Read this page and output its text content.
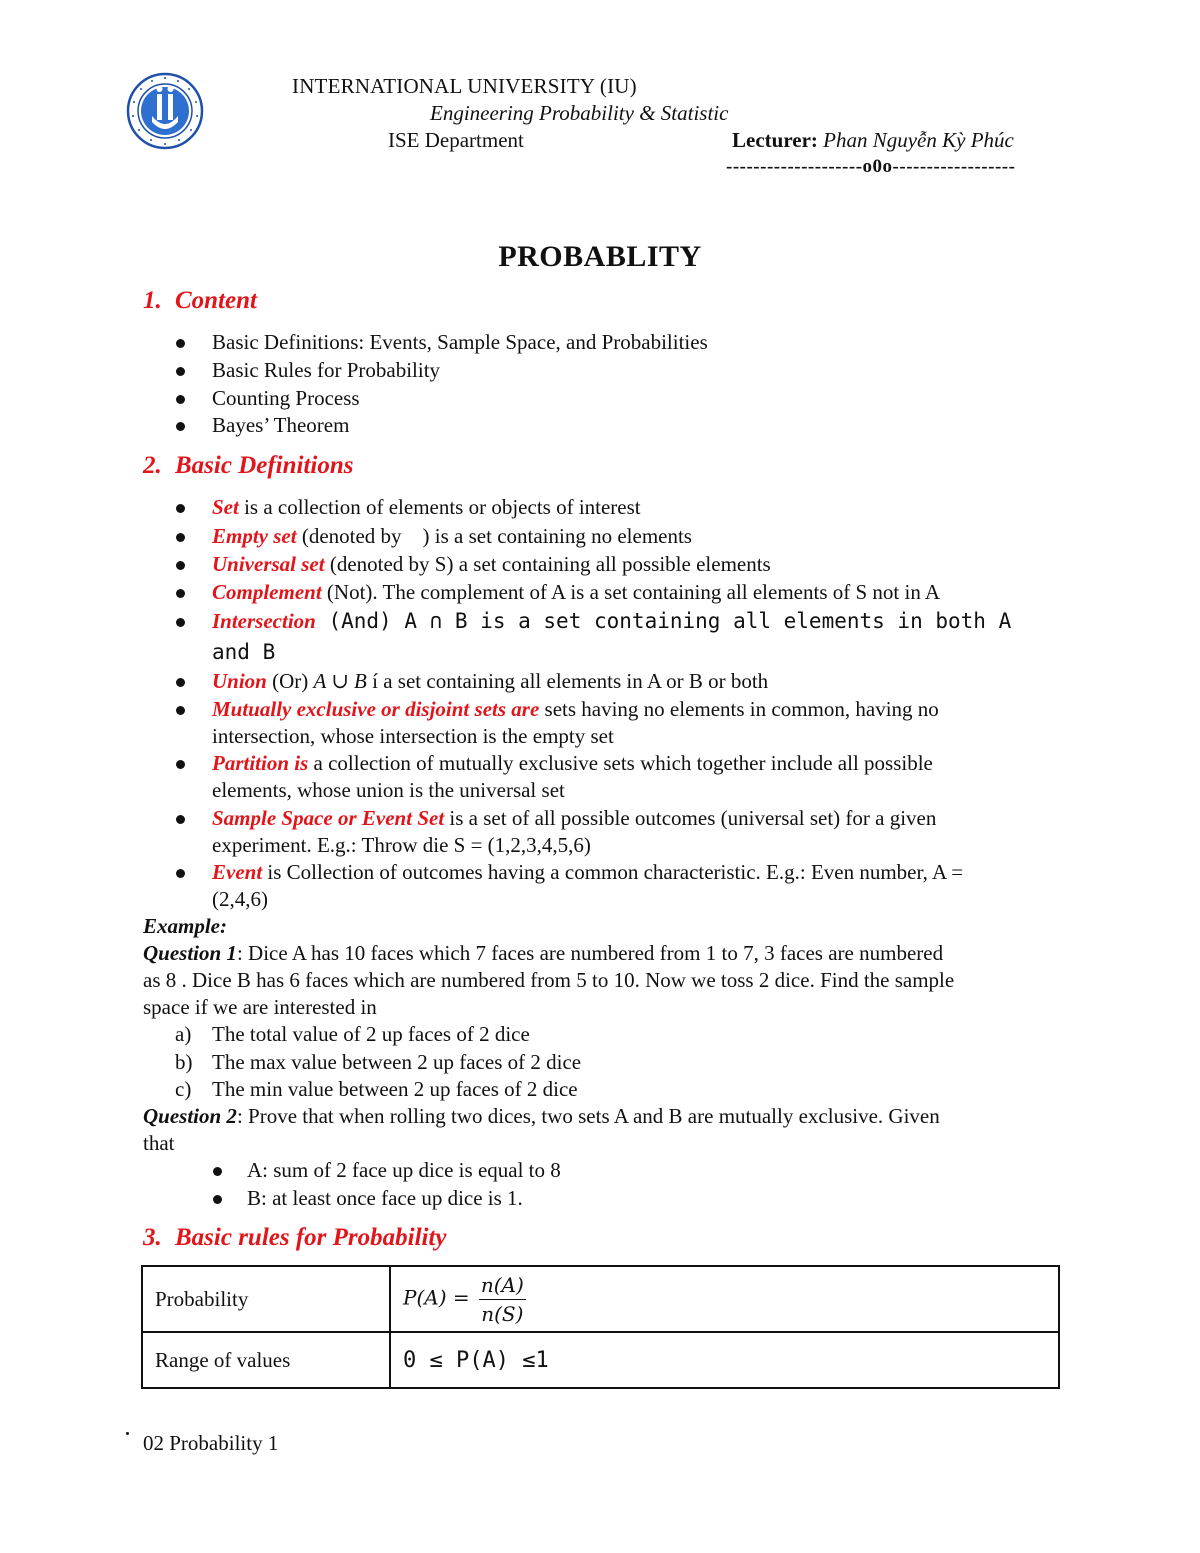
INTERNATIONAL UNIVERSITY (IU)
Engineering Probability & Statistic
ISE Department	Lecturer: Phan Nguyễn Kỳ Phúc
--------------------o0o------------------
PROBABLITY
1. Content
Basic Definitions: Events, Sample Space, and Probabilities
Basic Rules for Probability
Counting Process
Bayes’ Theorem
2. Basic Definitions
Set is a collection of elements or objects of interest
Empty set (denoted by    ) is a set containing no elements
Universal set (denoted by S) a set containing all possible elements
Complement (Not). The complement of A is a set containing all elements of S not in A
Intersection (And) A ∩ B is a set containing all elements in both A
and B
Union (Or) A ∪ B í a set containing all elements in A or B or both
Mutually exclusive or disjoint sets are sets having no elements in common, having no
intersection, whose intersection is the empty set
Partition is a collection of mutually exclusive sets which together include all possible
elements, whose union is the universal set
Sample Space or Event Set is a set of all possible outcomes (universal set) for a given
experiment. E.g.: Throw die S = (1,2,3,4,5,6)
Event is Collection of outcomes having a common characteristic. E.g.: Even number, A =
(2,4,6)
Example:
Question 1: Dice A has 10 faces which 7 faces are numbered from 1 to 7, 3 faces are numbered
as 8 . Dice B has 6 faces which are numbered from 5 to 10. Now we toss 2 dice. Find the sample
space if we are interested in
a) The total value of 2 up faces of 2 dice
b) The max value between 2 up faces of 2 dice
c) The min value between 2 up faces of 2 dice
Question 2: Prove that when rolling two dices, two sets A and B are mutually exclusive. Given
that
A: sum of 2 face up dice is equal to 8
B: at least once face up dice is 1.
3. Basic rules for Probability
Probability	$P(A) = \frac{n(A)}{n(S)}$

Range of values	0 ≤ P(A) ≤1
02 Probability 1
